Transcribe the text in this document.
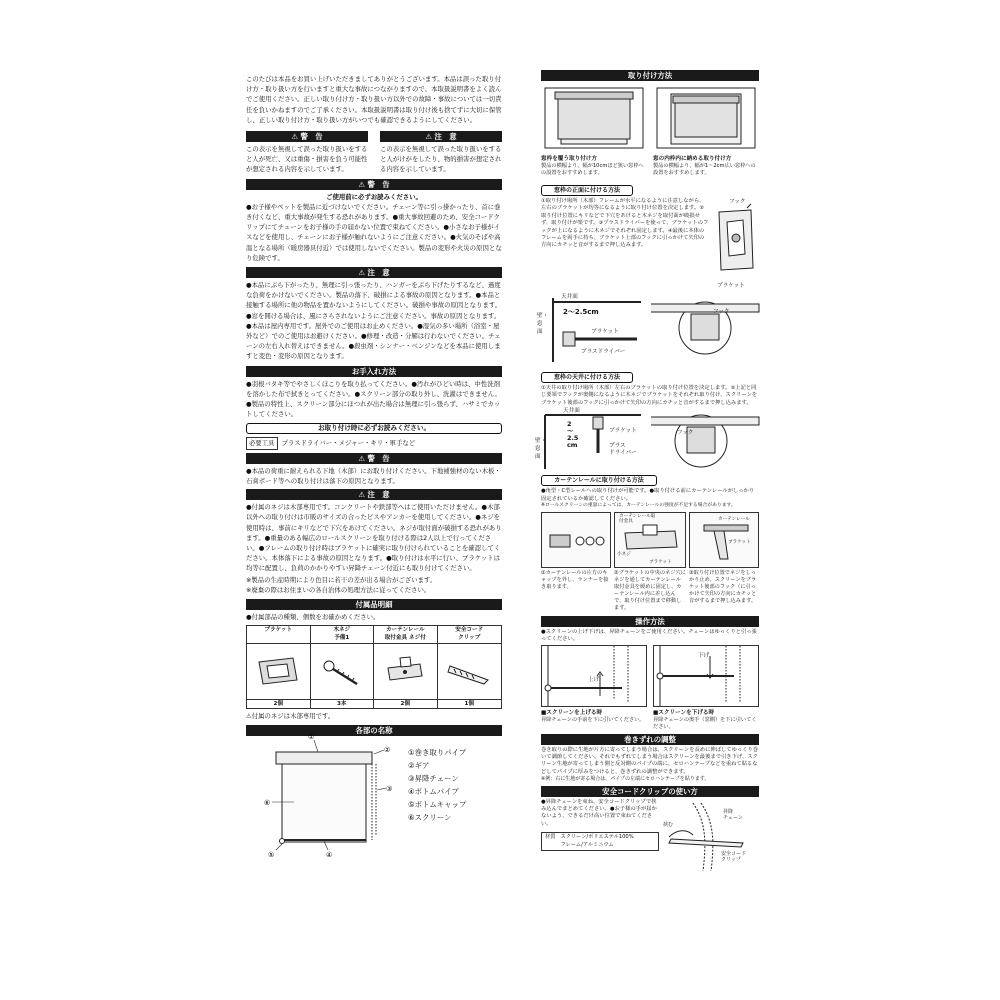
このたびは本品をお買い上げいただきましてありがとうございます。本品は誤った取り付け方・取り扱い方を行いますと重大な事故につながりますので、本取扱説明書をよく読んでご使用ください。正しい取り付け方・取り扱い方以外での故障・事故については一切責任を負いかねますのでご了承ください。本取扱説明書は取り付け後も捨てずに大切に保管し、正しい取り付け方・取り扱い方がいつでも確認できるようにしてください。

⚠ 警　告

この表示を無視して誤った取り扱いをすると人が死亡、又は重傷・損害を負う可能性が想定される内容を示しています。

⚠ 注　意

この表示を無視して誤った取り扱いをすると人がけがをしたり、物的損害が想定される内容を示しています。

⚠ 警　告

ご使用前に必ずお読みください。

●お子様やペットを製品に近づけないでください。チェーン等に引っ掛かったり、首に巻き付くなど、重大事故が発生する恐れがあります。●重大事故回避のため、安全コードクリップにてチェーンをお子様の手の届かない位置で束ねてください。●小さなお子様がイスなどを使用し、チェーンにお子様が触れないようにご注意ください。●火気のそばや高温となる場所（暖房器具付近）では使用しないでください。製品の変形や火災の原因となり危険です。

⚠ 注　意

●本品にぶら下がったり、無理に引っ張ったり、ハンガーをぶら下げたりするなど、過度な負荷をかけないでください。製品の落下、破損による事故の原因となります。●本品と接触する場所に他の物品を置かないようにしてください。破損や事故の原因となります。●窓を開ける場合は、風にさらされないようにご注意ください。事故の原因となります。●本品は屋内専用です。屋外でのご使用はお止めください。●湿気の多い場所（浴室・屋外など）でのご使用はお避けください。●修理・改造・分解は行わないでください。チェーンの左右入れ替えはできません。●殺虫剤・シンナー・ベンジンなどを本品に使用しますと変色・変形の原因となります。

お手入れ方法

●羽根バタキ等でやさしくほこりを取り払ってください。●汚れがひどい時は、中性洗剤を溶かした布で拭きとってください。●スクリーン部分の取り外し、洗濯はできません。●製品の特性上、スクリーン部分にほつれが出た場合は無理に引っ張らず、ハサミでカットしてください。

お取り付け時に必ずお読みください。
必要工具	プラスドライバー・メジャー・キリ・軍手など
⚠ 警　告

●本品の荷重に耐えられる下地（木部）にお取り付けください。下地補強材のない木板・石膏ボード等への取り付けは落下の原因となります。

⚠ 注　意

●付属のネジは木部専用です。コンクリートや鉄部等へはご使用いただけません。●木部以外への取り付けは市販のサイズの合ったビスやアンカーを使用してください。●ネジを使用時は、事前にキリなどで下穴をあけてください。ネジが取付面が破損する恐れがあります。●重量のある幅広のロールスクリーンを取り付ける際は2人以上で行ってください。●フレームの取り付け時はブラケットに確実に取り付けられていることを確認してください。本体落下による事故の原因となります。●取り付けは水平に行い、ブラケットは均等に配置し、負荷のかかりやすい昇降チェーン付近にも取り付けてください。

※製品の生産時期により色目に若干の差が出る場合がございます。

※廃棄の際はお住まいの各自治体の処理方法に従ってください。

付属品明細

●付属部品の種類、個数をお確かめください。

ブラケット
2個
木ネジ
予備1
3本
カーテンレール
取付金具 ネジ付
2個
安全コード
クリップ
1個

⚠付属のネジは木部専用です。

各部の名称
①
②
③
④
⑤
⑥

①巻き取りパイプ

②ギア

③昇降チェーン

④ボトムパイプ

⑤ボトムキャップ

⑥スクリーン

取り付け方法

窓枠を覆う取り付け方

製品の横幅より、幅が10cmほど狭い窓枠への設置をおすすめします。

窓の内枠内に納める取り付け方

製品の横幅より、幅が1〜2cm広い窓枠への設置をおすすめします。

窓枠の正面に付ける方法

①取り付け場所（木部）フレームが水平になるように注意しながら、左右のブラケットが均等になるように取り付け位置を決定します。②取り付け位置にキリなどで下穴をあけると木ネジを取付面が破損せず、取り付けが楽です。③プラスドライバーを使って、ブラケットのフックが上になるように木ネジでそれぞれ固定します。④最後に本体のフレームを両手に持ち、ブラケット上部のフックに引っかけて矢印の方向にカチッと音がするまで押し込みます。

フック
ブラケット
天井面
壁・窓面
2〜2.5cm
ブラケット
プラスドライバー
フック
窓枠の天井に付ける方法

①天井の取り付け場所（木部）左右のブラケットの取り付け位置を決定します。②上記と同じ要領でフックが奥側になるように木ネジでブラケットをそれぞれ取り付け、スクリーンをブラケット後部のフックに引っかけて矢印の方向にカチッと音がするまで押し込みます。

天井面
2
〜
2.5
cm
ブラケット
プラス
ドライバー
壁・窓面
フック
カーテンレールに取り付ける方法

●角型・C型レールへの取り付けが可能です。●取り付ける前にカーテンレールがしっかり固定されているか確認してください。

※ロールスクリーンの重量によっては、カーテンレールの強度が不足する場合があります。

カーテンレール取付金具
小ネジ
ブラケット
カーテンレール
ブラケット

①カーテンレールの片方のキャップを外し、ランナーを抜き取ります。

②ブラケットの中央のネジ穴にネジを通してカーテンレール取付金具を緩めに固定し、カーテンレール内に差し込んで、取り付け位置まで移動します。

③取り付け位置でネジをしっかり止め、スクリーンをブラケット後部のフック（に引っかけて矢印の方向にカチッと音がするまで押し込みます。

操作方法

●スクリーンの上げ下げは、昇降チェーンをご使用ください。チェーンはゆっくりと引っ張ってください。

上げ

■スクリーンを上げる時

昇降チェーンの手前を下に引いてください。

下げ

■スクリーンを下げる時

昇降チェーンの奥手（窓側）を下に引いてください。

巻きずれの調整

巻き取りの際に生地が片方に寄ってしまう場合は、スクリーンを長めに伸ばしてゆっくり巻いて調節してください。それでもずれてしまう場合はスクリーンを最後まで引き下げ、スクリーン生地が寄ってしまう側と反対側のパイプの端に、セロハンテープなどを重ねて貼るなどしてパイプに厚みをつけると、巻きずれの調整ができます。

※例：右に生地が寄る場合は、パイプの左端にセロハンテープを貼ります。

安全コードクリップの使い方

●昇降チェーンを束ね、安全コードクリップで挟み込んでまとめてください。●お子様の手が届かないよう、できるだけ高い位置で束ねてください。

材質　スクリーン/ポリエステル100%
　　　フレーム/アルミニウム

昇降
チェーン
挟む
安全コード
クリップ
